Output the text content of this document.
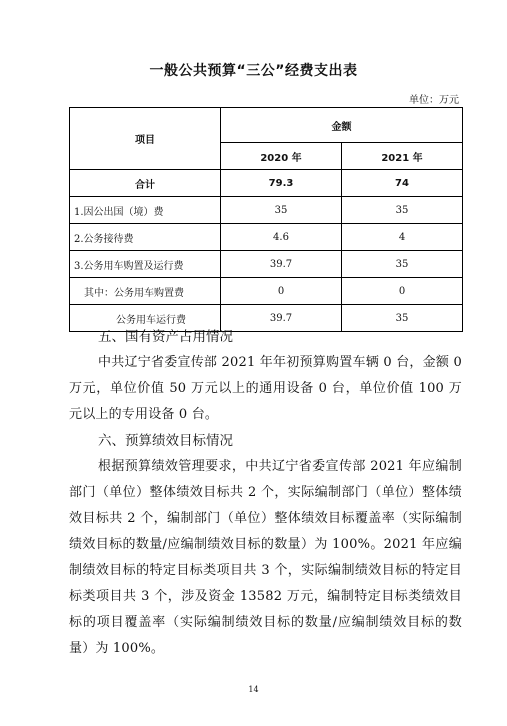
一般公共预算“三公”经费支出表
单位：万元
项目	金额	
	2020 年	2021 年
合计	79.3	74
1.因公出国（境）费	35	35
2.公务接待费	4.6	4
3.公务用车购置及运行费	39.7	35
其中：公务用车购置费	0	0
公务用车运行费	39.7	35

五、国有资产占用情况

中共辽宁省委宣传部 2021 年年初预算购置车辆 0 台，金额 0 万元，单位价值 50 万元以上的通用设备 0 台，单位价值 100 万元以上的专用设备 0 台。

六、预算绩效目标情况

根据预算绩效管理要求，中共辽宁省委宣传部 2021 年应编制部门（单位）整体绩效目标共 2 个，实际编制部门（单位）整体绩效目标共 2 个，编制部门（单位）整体绩效目标覆盖率（实际编制绩效目标的数量/应编制绩效目标的数量）为 100%。2021 年应编制绩效目标的特定目标类项目共 3 个，实际编制绩效目标的特定目标类项目共 3 个，涉及资金 13582 万元，编制特定目标类绩效目标的项目覆盖率（实际编制绩效目标的数量/应编制绩效目标的数量）为 100%。

14
